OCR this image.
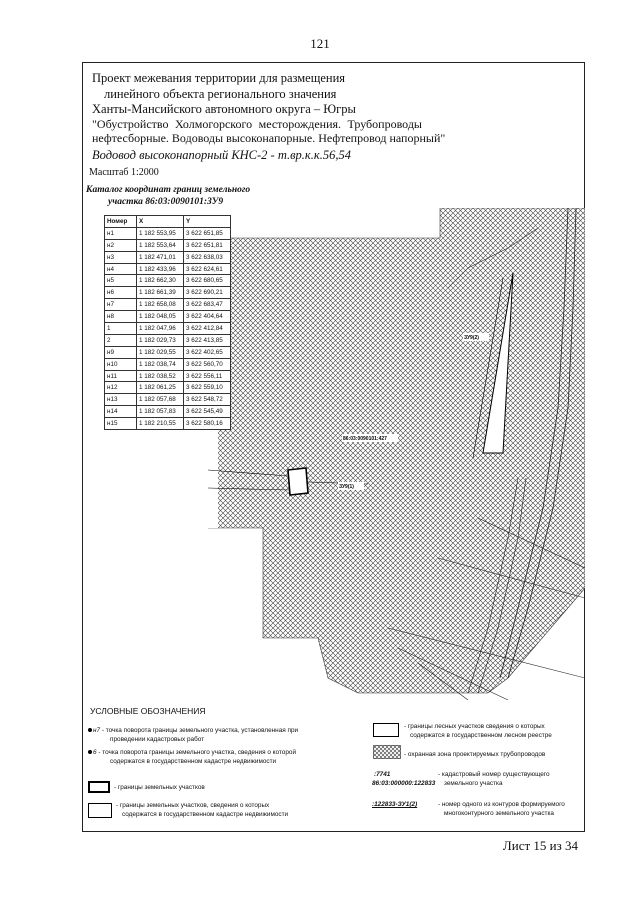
121
Проект межевания территории для размещения
линейного объекта регионального значения
Ханты-Мансийского автономного округа – Югры
"Обустройство Холмогорского месторождения. Трубопроводы
нефтесборные. Водоводы высоконапорные. Нефтепровод напорный"
Водовод высоконапорный КНС-2 - т.вр.к.к.56,54
Масштаб 1:2000
Каталог координат границ земельного
участка 86:03:0090101:ЗУ9
ЗУ9(2)
ЗУ9(1)
86:03:0090101:427
Номер	X	Y
н1	1 182 553,95	3 622 651,85
н2	1 182 553,64	3 622 651,81
н3	1 182 471,01	3 622 638,03
н4	1 182 433,96	3 622 624,61
н5	1 182 662,30	3 622 680,65
н6	1 182 661,39	3 622 690,21
н7	1 182 658,08	3 622 683,47
н8	1 182 048,05	3 622 404,64
1	1 182 047,96	3 622 412,84
2	1 182 029,73	3 622 413,85
н9	1 182 029,55	3 622 402,65
н10	1 182 038,74	3 622 560,70
н11	1 182 038,52	3 622 556,11
н12	1 182 061,25	3 622 559,10
н13	1 182 057,68	3 622 548,72
н14	1 182 057,83	3 622 545,49
н15	1 182 210,55	3 622 580,16
УСЛОВНЫЕ ОБОЗНАЧЕНИЯ
н7 - точка поворота границы земельного участка, установленная при
проведении кадастровых работ
6 - точка поворота границы земельного участка, сведения о которой
содержатся в государственном кадастре недвижимости
- границы земельных участков
- границы земельных участков, сведения о которых
содержатся в государственном кадастре недвижимости
- границы лесных участков сведения о которых
содержатся в государственном лесном реестре
- охранная зона проектируемых трубопроводов
:7741
86:03:000000:122833
- кадастровый номер существующего
земельного участка
:122833-ЗУ1(2)	- номер одного из контуров формируемого
многоконтурного земельного участка
Лист 15 из 34
